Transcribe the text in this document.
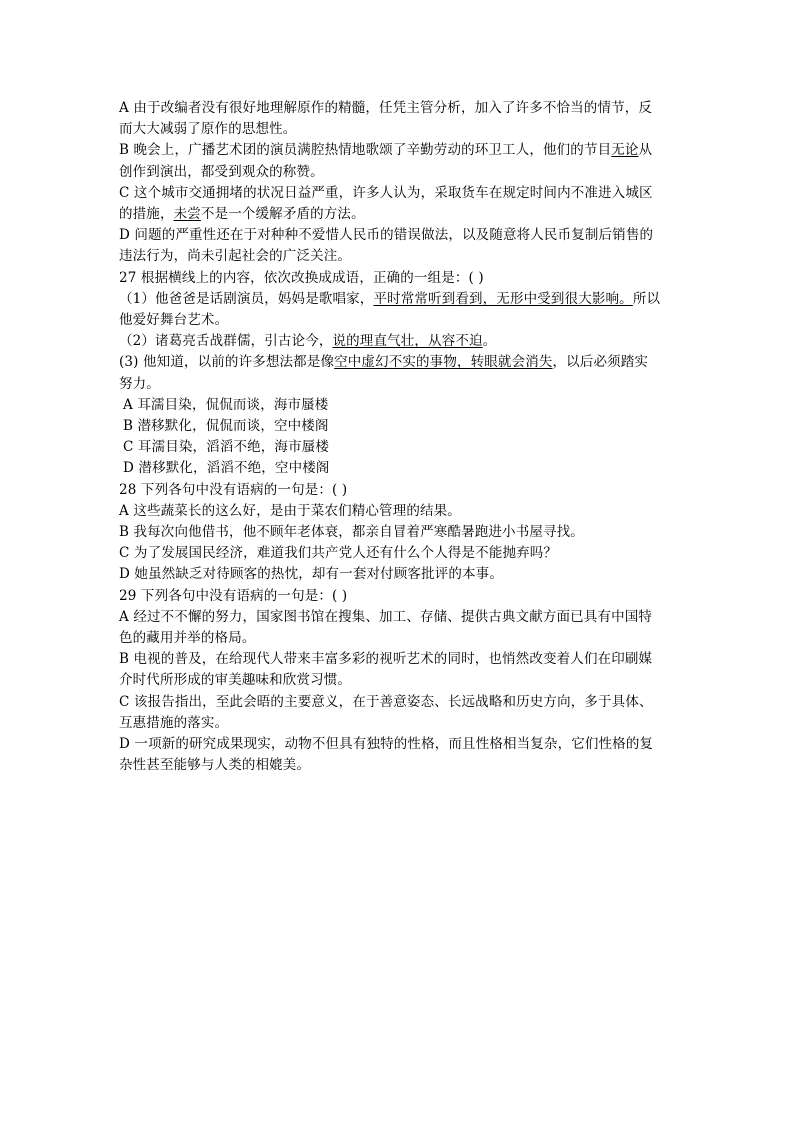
A 由于改编者没有很好地理解原作的精髓，任凭主管分析，加入了许多不恰当的情节，反
而大大减弱了原作的思想性。
B 晚会上，广播艺术团的演员满腔热情地歌颂了辛勤劳动的环卫工人，他们的节目无论从
创作到演出，都受到观众的称赞。
C 这个城市交通拥堵的状况日益严重，许多人认为，采取货车在规定时间内不准进入城区
的措施，未尝不是一个缓解矛盾的方法。
D 问题的严重性还在于对种种不爱惜人民币的错误做法，以及随意将人民币复制后销售的
违法行为，尚未引起社会的广泛关注。
27 根据横线上的内容，依次改换成成语，正确的一组是：( )
（1）他爸爸是话剧演员，妈妈是歌唱家，平时常常听到看到，无形中受到很大影响。所以
他爱好舞台艺术。
（2）诸葛亮舌战群儒，引古论今，说的理直气壮，从容不迫。
(3) 他知道，以前的许多想法都是像空中虚幻不实的事物，转眼就会消失，以后必须踏实
努力。
A 耳濡目染，侃侃而谈，海市蜃楼
B 潜移默化，侃侃而谈，空中楼阁
C 耳濡目染，滔滔不绝，海市蜃楼
D 潜移默化，滔滔不绝，空中楼阁
28 下列各句中没有语病的一句是：( )
A 这些蔬菜长的这么好，是由于菜农们精心管理的结果。
B 我每次向他借书，他不顾年老体衰，都亲自冒着严寒酷暑跑进小书屋寻找。
C 为了发展国民经济，难道我们共产党人还有什么个人得是不能抛弃吗？
D 她虽然缺乏对待顾客的热忱，却有一套对付顾客批评的本事。
29 下列各句中没有语病的一句是：( )
A 经过不不懈的努力，国家图书馆在搜集、加工、存储、提供古典文献方面已具有中国特
色的藏用并举的格局。
B 电视的普及，在给现代人带来丰富多彩的视听艺术的同时，也悄然改变着人们在印刷媒
介时代所形成的审美趣味和欣赏习惯。
C 该报告指出，至此会晤的主要意义，在于善意姿态、长远战略和历史方向，多于具体、
互惠措施的落实。
D 一项新的研究成果现实，动物不但具有独特的性格，而且性格相当复杂，它们性格的复
杂性甚至能够与人类的相媲美。
